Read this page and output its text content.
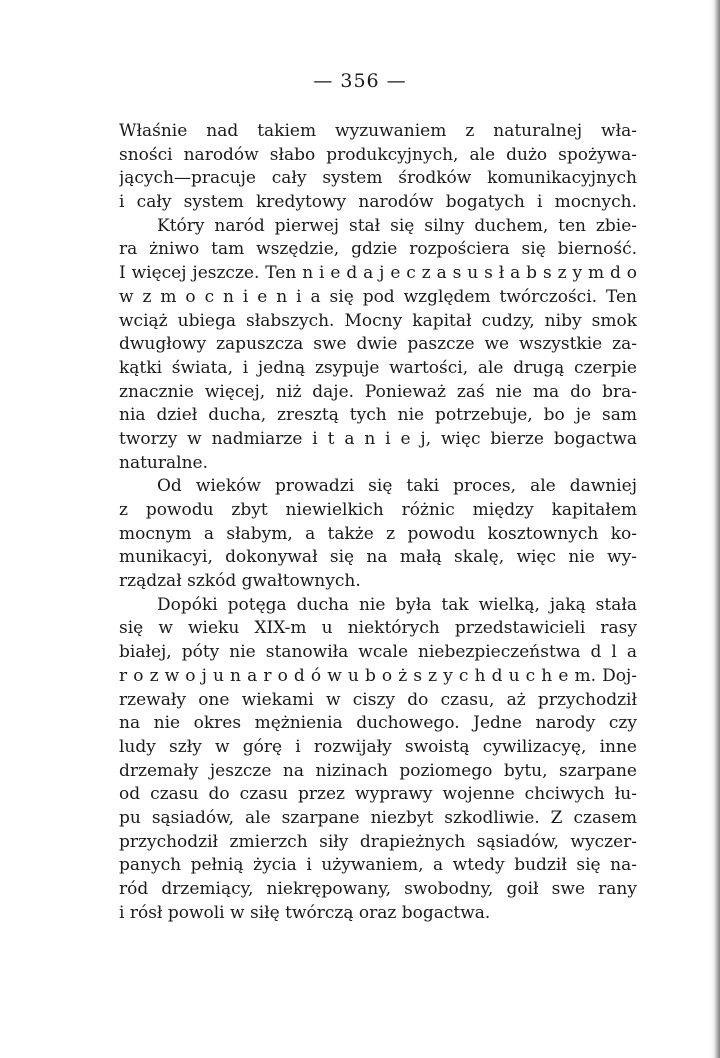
— 356 —
Właśnie nad takiem wyzuwaniem z naturalnej wła-
sności narodów słabo produkcyjnych, ale dużo spożywa-
jących—pracuje cały system środków komunikacyjnych
i cały system kredytowy narodów bogatych i mocnych.
Który naród pierwej stał się silny duchem, ten zbie-
ra żniwo tam wszędzie, gdzie rozpościera się bierność.
I więcej jeszcze. Ten n i e d a j e c z a s u s ł a b s z y m d o
w z m o c n i e n i a się pod względem twórczości. Ten
wciąż ubiega słabszych. Mocny kapitał cudzy, niby smok
dwugłowy zapuszcza swe dwie paszcze we wszystkie za-
kątki świata, i jedną zsypuje wartości, ale drugą czerpie
znacznie więcej, niż daje. Ponieważ zaś nie ma do bra-
nia dzieł ducha, zresztą tych nie potrzebuje, bo je sam
tworzy w nadmiarze i t a n i e j, więc bierze bogactwa
naturalne.
Od wieków prowadzi się taki proces, ale dawniej
z powodu zbyt niewielkich różnic między kapitałem
mocnym a słabym, a także z powodu kosztownych ko-
munikacyi, dokonywał się na małą skalę, więc nie wy-
rządzał szkód gwałtownych.
Dopóki potęga ducha nie była tak wielką, jaką stała
się w wieku XIX-m u niektórych przedstawicieli rasy
białej, póty nie stanowiła wcale niebezpieczeństwa d l a
r o z w o j u n a r o d ó w u b o ż s z y c h d u c h e m. Doj-
rzewały one wiekami w ciszy do czasu, aż przychodził
na nie okres mężnienia duchowego. Jedne narody czy
ludy szły w górę i rozwijały swoistą cywilizacyę, inne
drzemały jeszcze na nizinach poziomego bytu, szarpane
od czasu do czasu przez wyprawy wojenne chciwych łu-
pu sąsiadów, ale szarpane niezbyt szkodliwie. Z czasem
przychodził zmierzch siły drapieżnych sąsiadów, wyczer-
panych pełnią życia i używaniem, a wtedy budził się na-
ród drzemiący, niekrępowany, swobodny, goił swe rany
i rósł powoli w siłę twórczą oraz bogactwa.
